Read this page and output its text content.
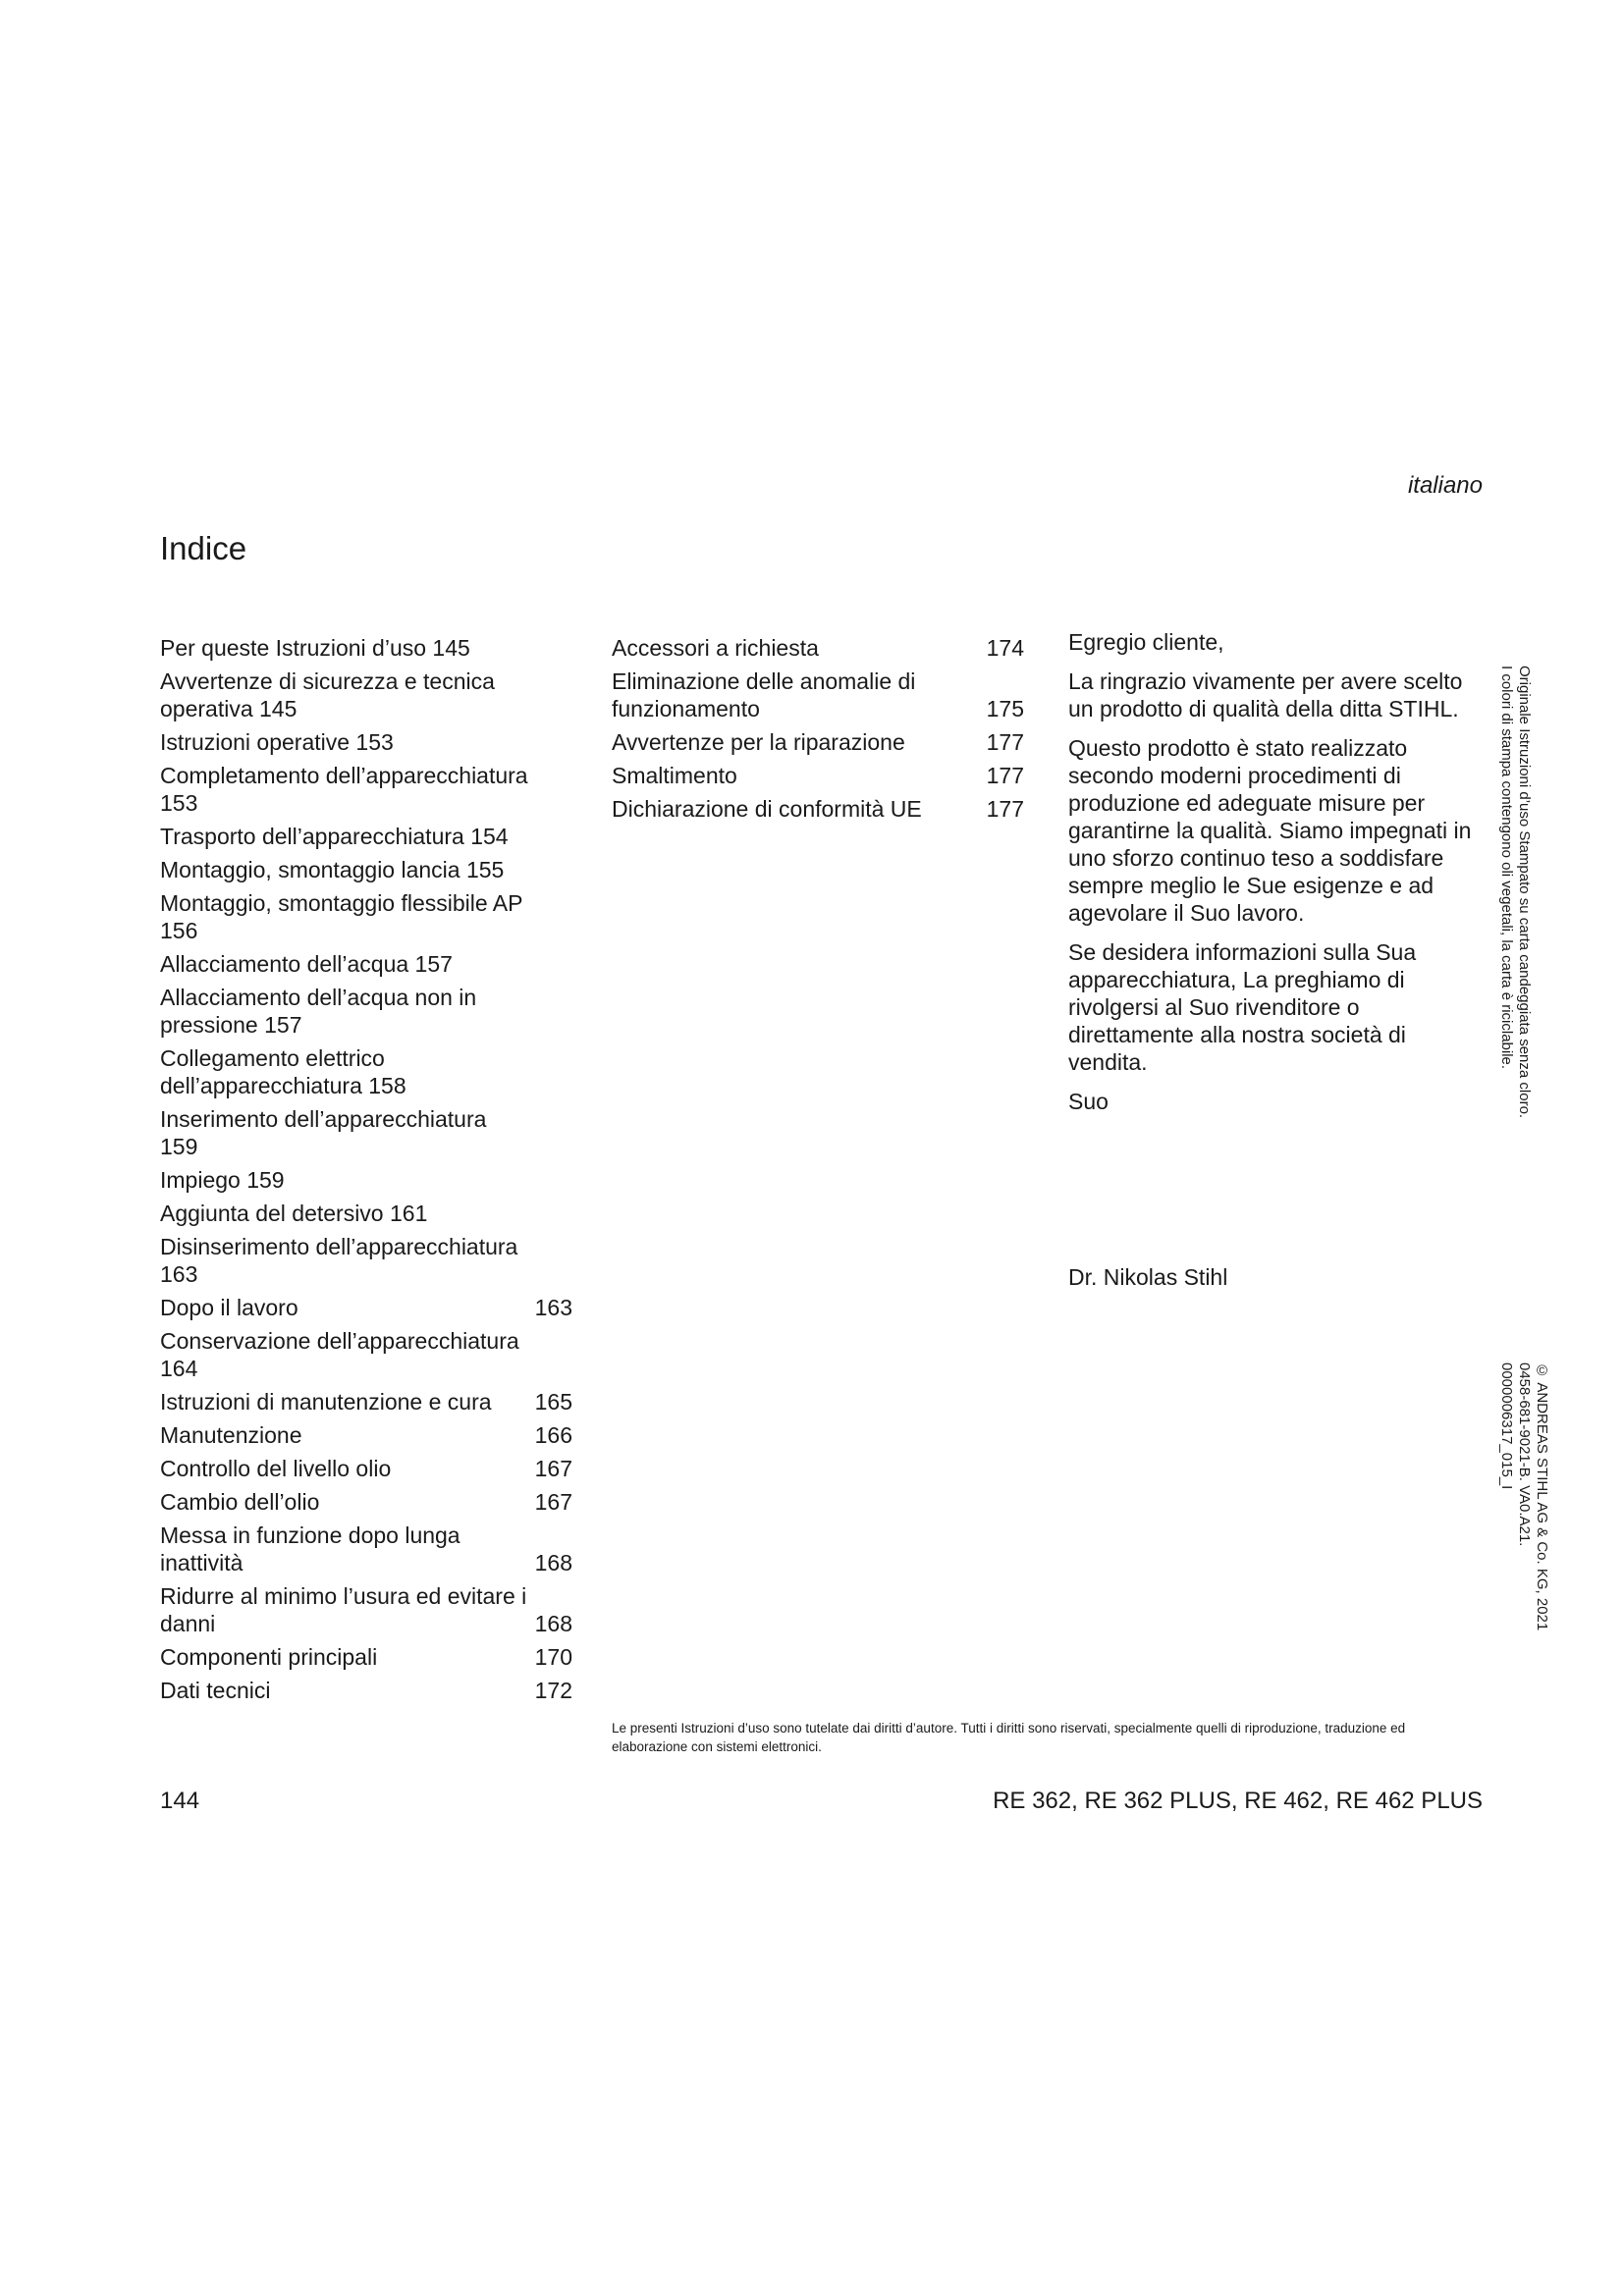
italiano
Indice
Per queste Istruzioni d’uso 145
Avvertenze di sicurezza e tecnica operativa 145
Istruzioni operative 153
Completamento dell’apparecchiatura 153
Trasporto dell’apparecchiatura 154
Montaggio, smontaggio lancia 155
Montaggio, smontaggio flessibile AP 156
Allacciamento dell’acqua 157
Allacciamento dell’acqua non in pressione 157
Collegamento elettrico dell’apparecchiatura 158
Inserimento dell’apparecchiatura 159
Impiego 159
Aggiunta del detersivo 161
Disinserimento dell’apparecchiatura 163
Dopo il lavoro	163
Conservazione dell’apparecchiatura 164
Istruzioni di manutenzione e cura	165
Manutenzione	166
Controllo del livello olio	167
Cambio dell’olio	167
Messa in funzione dopo lunga inattività	168
Ridurre al minimo l’usura ed evitare i danni	168
Componenti principali	170
Dati tecnici	172
Accessori a richiesta	174
Eliminazione delle anomalie di funzionamento	175
Avvertenze per la riparazione	177
Smaltimento	177
Dichiarazione di conformità UE	177

Egregio cliente,

La ringrazio vivamente per avere scelto un prodotto di qualità della ditta STIHL.

Questo prodotto è stato realizzato secondo moderni procedimenti di produzione ed adeguate misure per garantirne la qualità. Siamo impegnati in uno sforzo continuo teso a soddisfare sempre meglio le Sue esigenze e ad agevolare il Suo lavoro.

Se desidera informazioni sulla Sua apparecchiatura, La preghiamo di rivolgersi al Suo rivenditore o direttamente alla nostra società di vendita.

Suo

Dr. Nikolas Stihl
Originale Istruzioni d’uso Stampato su carta candeggiata senza cloro.
I colori di stampa contengono oli vegetali, la carta è riciclabile.
© ANDREAS STIHL AG & Co. KG, 2021
0458-681-9021-B. VA0.A21.
0000006317_015_I
Le presenti Istruzioni d’uso sono tutelate dai diritti d’autore. Tutti i diritti sono riservati, specialmente quelli di riproduzione, traduzione ed elaborazione con sistemi elettronici.
144	RE 362, RE 362 PLUS, RE 462, RE 462 PLUS
